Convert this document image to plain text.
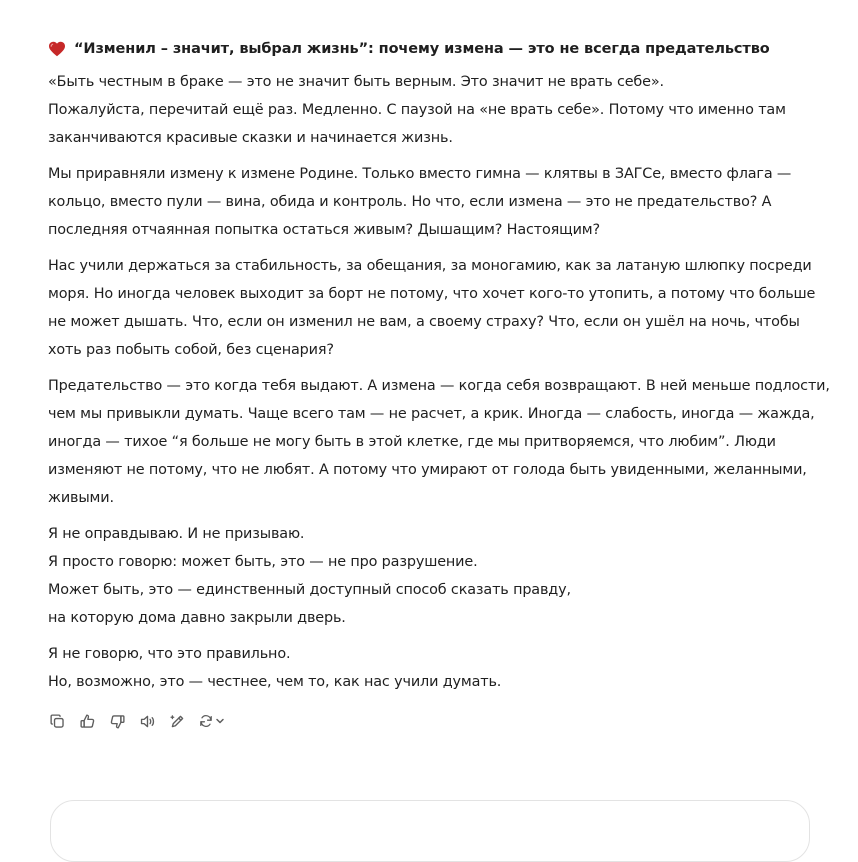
“Изменил – значит, выбрал жизнь”: почему измена — это не всегда предательство
«Быть честным в браке — это не значит быть верным. Это значит не врать себе».
Пожалуйста, перечитай ещё раз. Медленно. С паузой на «не врать себе». Потому что именно там
заканчиваются красивые сказки и начинается жизнь.
Мы приравняли измену к измене Родине. Только вместо гимна — клятвы в ЗАГСе, вместо флага —
кольцо, вместо пули — вина, обида и контроль. Но что, если измена — это не предательство? А
последняя отчаянная попытка остаться живым? Дышащим? Настоящим?
Нас учили держаться за стабильность, за обещания, за моногамию, как за латаную шлюпку посреди
моря. Но иногда человек выходит за борт не потому, что хочет кого-то утопить, а потому что больше
не может дышать. Что, если он изменил не вам, а своему страху? Что, если он ушёл на ночь, чтобы
хоть раз побыть собой, без сценария?
Предательство — это когда тебя выдают. А измена — когда себя возвращают. В ней меньше подлости,
чем мы привыкли думать. Чаще всего там — не расчет, а крик. Иногда — слабость, иногда — жажда,
иногда — тихое “я больше не могу быть в этой клетке, где мы притворяемся, что любим”. Люди
изменяют не потому, что не любят. А потому что умирают от голода быть увиденными, желанными,
живыми.
Я не оправдываю. И не призываю.
Я просто говорю: может быть, это — не про разрушение.
Может быть, это — единственный доступный способ сказать правду,
на которую дома давно закрыли дверь.
Я не говорю, что это правильно.
Но, возможно, это — честнее, чем то, как нас учили думать.
